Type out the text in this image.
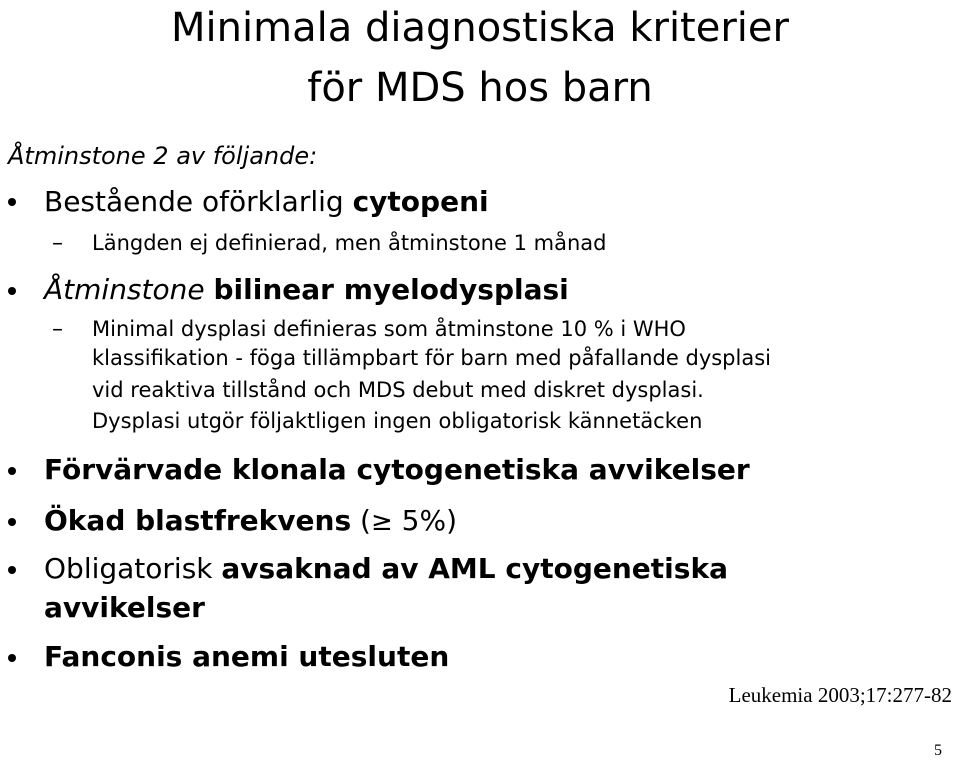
Minimala diagnostiska kriterier
för MDS hos barn
Åtminstone 2 av följande:
Bestående oförklarlig cytopeni
– Längden ej definierad, men åtminstone 1 månad
Åtminstone bilinear myelodysplasi
– Minimal dysplasi definieras som åtminstone 10 % i WHO
klassifikation - föga tillämpbart för barn med påfallande dysplasi
vid reaktiva tillstånd och MDS debut med diskret dysplasi.
Dysplasi utgör följaktligen ingen obligatorisk kännetäcken
Förvärvade klonala cytogenetiska avvikelser
Ökad blastfrekvens (≥ 5%)
Obligatorisk avsaknad av AML cytogenetiska
avvikelser
Fanconis anemi utesluten
Leukemia 2003;17:277-82
5
